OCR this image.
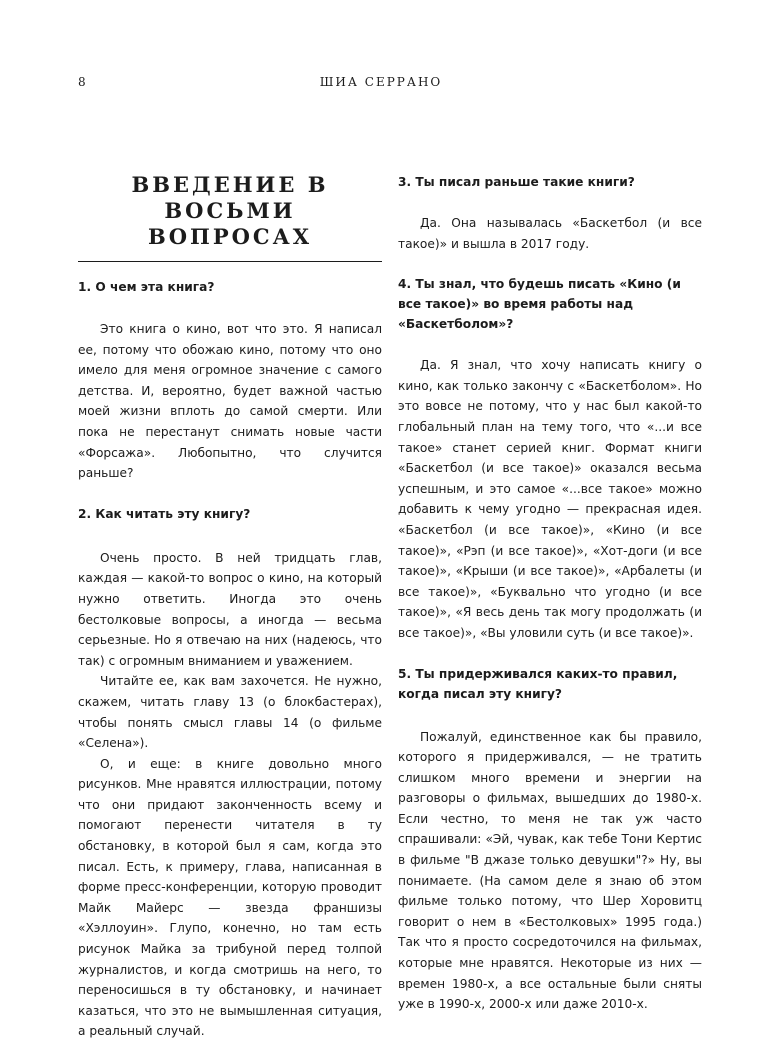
8	ШИА СЕРРАНО
ВВЕДЕНИЕ В ВОСЬМИ
ВОПРОСАХ
1. О чем эта книга?

Это книга о кино, вот что это. Я написал ее, потому что обожаю кино, потому что оно имело для меня огромное значение с самого детства. И, вероятно, будет важной частью моей жизни вплоть до самой смерти. Или пока не перестанут снимать новые части «Форсажа». Любопытно, что случится раньше?

2. Как читать эту книгу?

Очень просто. В ней тридцать глав, каждая — какой-то вопрос о кино, на который нужно ответить. Иногда это очень бестолковые вопросы, а иногда — весьма серьезные. Но я отвечаю на них (надеюсь, что так) с огромным вниманием и уважением.

Читайте ее, как вам захочется. Не нужно, скажем, читать главу 13 (о блокбастерах), чтобы понять смысл главы 14 (о фильме «Селена»).

О, и еще: в книге довольно много рисунков. Мне нравятся иллюстрации, потому что они придают законченность всему и помогают перенести читателя в ту обстановку, в которой был я сам, когда это писал. Есть, к примеру, глава, написанная в форме пресс-конференции, которую проводит Майк Майерс — звезда франшизы «Хэллоуин». Глупо, конечно, но там есть рисунок Майка за трибуной перед толпой журналистов, и когда смотришь на него, то переносишься в ту обстановку, и начинает казаться, что это не вымышленная ситуация, а реальный случай.

3. Ты писал раньше такие книги?

Да. Она называлась «Баскетбол (и все такое)» и вышла в 2017 году.

4. Ты знал, что будешь писать «Кино (и все такое)» во время работы над «Баскетболом»?

Да. Я знал, что хочу написать книгу о кино, как только закончу с «Баскетболом». Но это вовсе не потому, что у нас был какой-то глобальный план на тему того, что «...и все такое» станет серией книг. Формат книги «Баскетбол (и все такое)» оказался весьма успешным, и это самое «...все такое» можно добавить к чему угодно — прекрасная идея. «Баскетбол (и все такое)», «Кино (и все такое)», «Рэп (и все такое)», «Хот-доги (и все такое)», «Крыши (и все такое)», «Арбалеты (и все такое)», «Буквально что угодно (и все такое)», «Я весь день так могу продолжать (и все такое)», «Вы уловили суть (и все такое)».

5. Ты придерживался каких-то правил, когда писал эту книгу?

Пожалуй, единственное как бы правило, которого я придерживался, — не тратить слишком много времени и энергии на разговоры о фильмах, вышедших до 1980-х. Если честно, то меня не так уж часто спрашивали: «Эй, чувак, как тебе Тони Кертис в фильме "В джазе только девушки"?» Ну, вы понимаете. (На самом деле я знаю об этом фильме только потому, что Шер Хоровитц говорит о нем в «Бестолковых» 1995 года.) Так что я просто сосредоточился на фильмах, которые мне нравятся. Некоторые из них — времен 1980-х, а все остальные были сняты уже в 1990-х, 2000-х или даже 2010-х.
